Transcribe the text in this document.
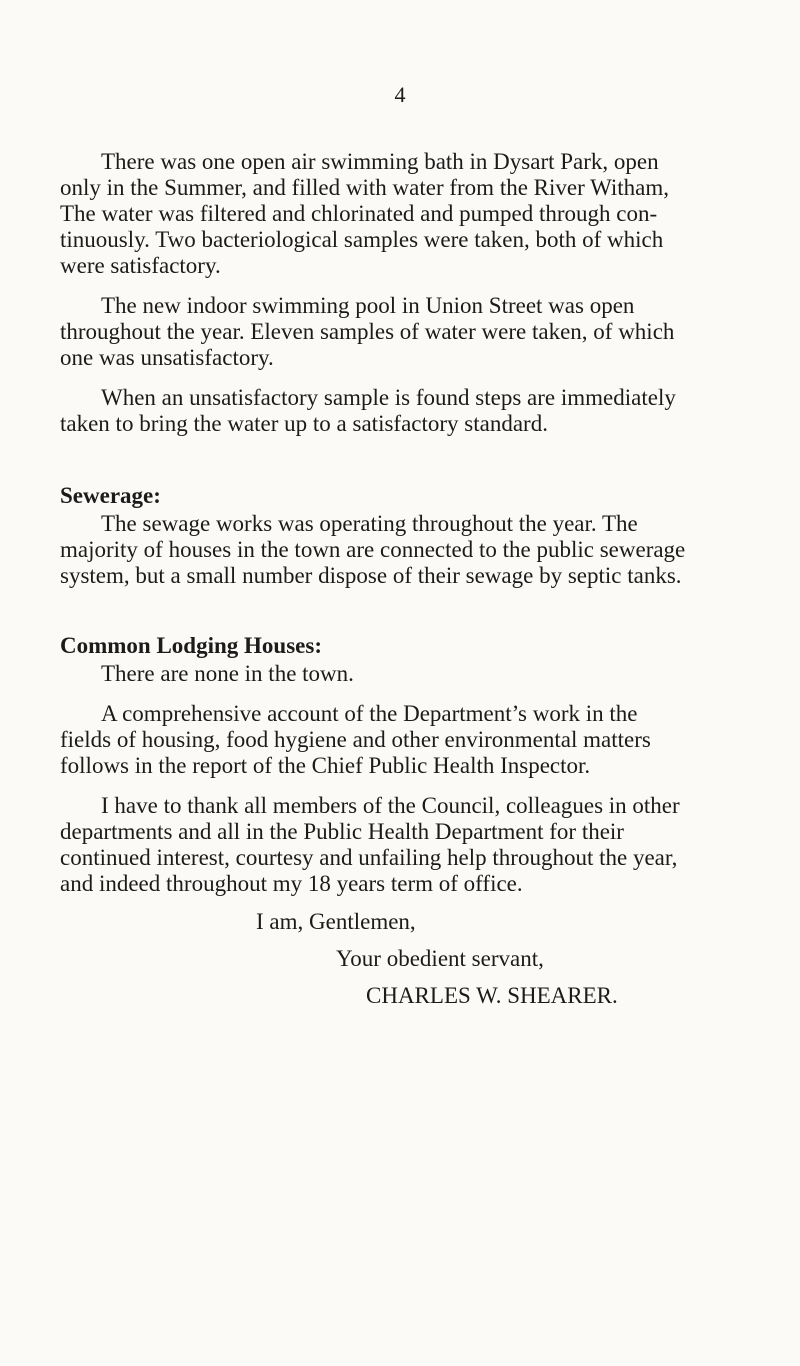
4
There was one open air swimming bath in Dysart Park, open
only in the Summer, and filled with water from the River Witham,
The water was filtered and chlorinated and pumped through con-
tinuously. Two bacteriological samples were taken, both of which
were satisfactory.
The new indoor swimming pool in Union Street was open
throughout the year. Eleven samples of water were taken, of which
one was unsatisfactory.
When an unsatisfactory sample is found steps are immediately
taken to bring the water up to a satisfactory standard.
Sewerage:
The sewage works was operating throughout the year. The
majority of houses in the town are connected to the public sewerage
system, but a small number dispose of their sewage by septic tanks.
Common Lodging Houses:
There are none in the town.
A comprehensive account of the Department’s work in the
fields of housing, food hygiene and other environmental matters
follows in the report of the Chief Public Health Inspector.
I have to thank all members of the Council, colleagues in other
departments and all in the Public Health Department for their
continued interest, courtesy and unfailing help throughout the year,
and indeed throughout my 18 years term of office.
I am, Gentlemen,
Your obedient servant,
CHARLES W. SHEARER.
